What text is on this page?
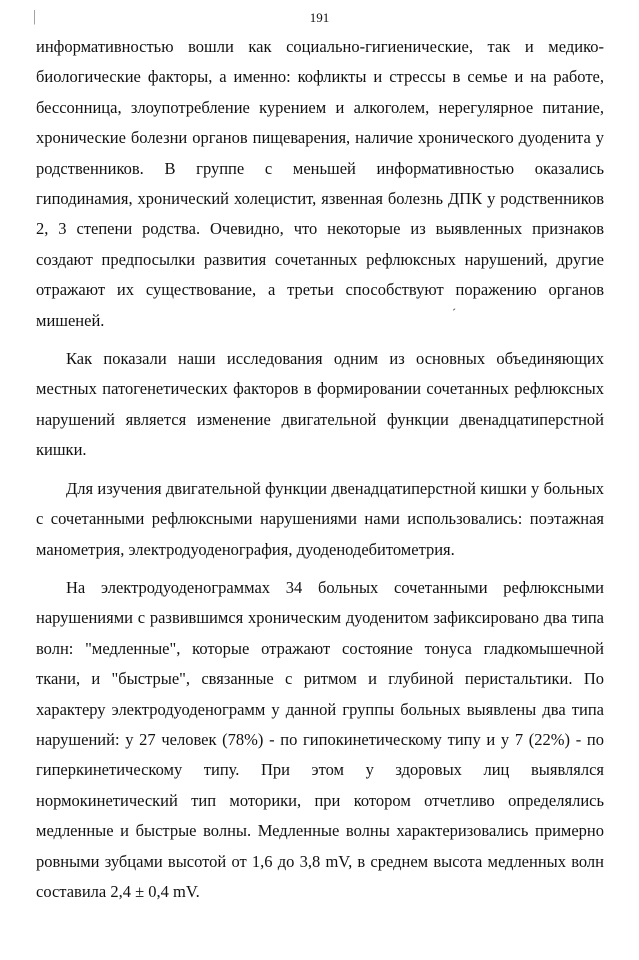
|	191

информативностью вошли как социально-гигиенические, так и медико-биологические факторы, а именно: кофликты и стрессы в семье и на работе, бессонница, злоупотребление курением и алкоголем, нерегулярное питание, хронические болезни органов пищеварения, наличие хронического дуоденита у родственников. В группе с меньшей информативностью оказались гиподинамия, хронический холецистит, язвенная болезнь ДПК у родственников 2, 3 степени родства. Очевидно, что некоторые из выявленных признаков создают предпосылки развития сочетанных рефлюксных нарушений, другие отражают их существование, а третьи способствуют поражению органов мишеней.

Как показали наши исследования одним из основных объединяющих местных патогенетических факторов в формировании сочетанных рефлюксных нарушений является изменение двигательной функции двенадцатиперстной кишки.

Для изучения двигательной функции двенадцатиперстной кишки у больных с сочетанными рефлюксными нарушениями нами использовались: поэтажная манометрия, электродуоденография, дуоденодебитометрия.

На электродуоденограммах 34 больных сочетанными рефлюксными нарушениями с развившимся хроническим дуоденитом зафиксировано два типа волн: "медленные", которые отражают состояние тонуса гладкомышечной ткани, и "быстрые", связанные с ритмом и глубиной перистальтики. По характеру электродуоденограмм у данной группы больных выявлены два типа нарушений: у 27 человек (78%) - по гипокинетическому типу и у 7 (22%) - по гиперкинетическому типу. При этом у здоровых лиц выявлялся нормокинетический тип моторики, при котором отчетливо определялись медленные и быстрые волны. Медленные волны характеризовались примерно ровными зубцами высотой от 1,6 до 3,8 mV, в среднем высота медленных волн составила 2,4 ± 0,4 mV.

ˊ
